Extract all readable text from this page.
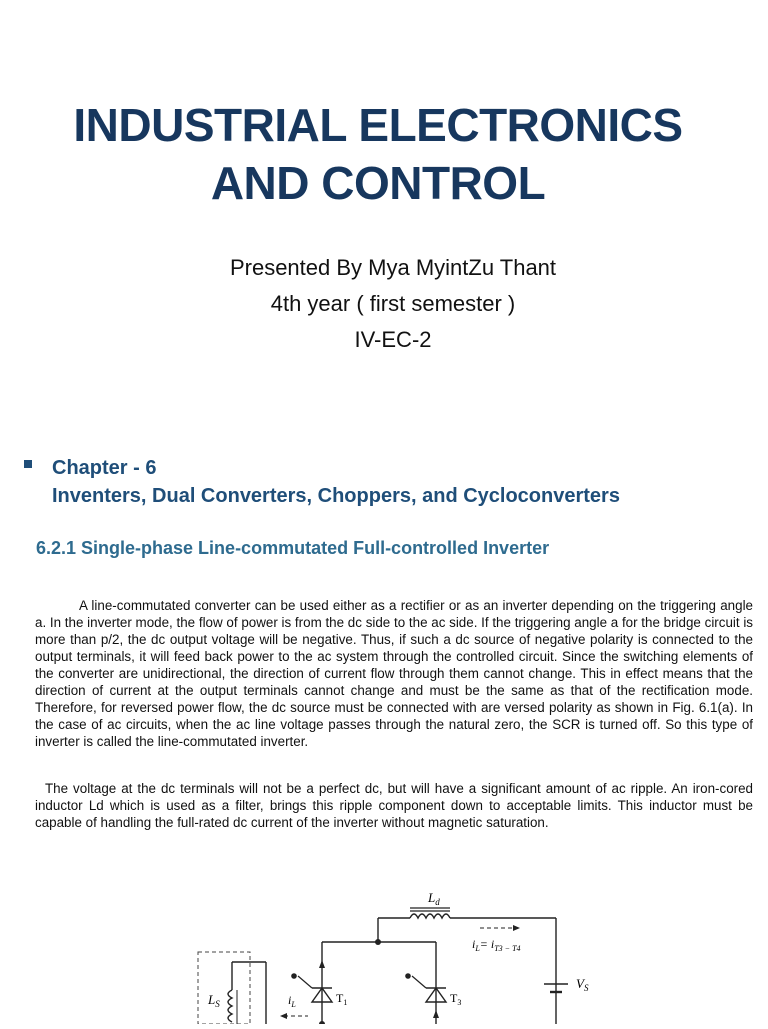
INDUSTRIAL ELECTRONICS
AND CONTROL
Presented By Mya MyintZu Thant
4th year ( first semester )
IV-EC-2
Chapter - 6
Inventers, Dual Converters, Choppers, and Cycloconverters
6.2.1 Single-phase Line-commutated Full-controlled Inverter

A line-commutated converter can be used either as a rectifier or as an inverter depending on the triggering angle a. In the inverter mode, the flow of power is from the dc side to the ac side. If the triggering angle a for the bridge circuit is more than p/2, the dc output voltage will be negative. Thus, if such a dc source of negative polarity is connected to the output terminals, it will feed back power to the ac system through the controlled circuit. Since the switching elements of the converter are unidirectional, the direction of current flow through them cannot change. This in effect means that the direction of current at the output terminals cannot change and must be the same as that of the rectification mode. Therefore, for reversed power flow, the dc source must be connected with are versed polarity as shown in Fig. 6.1(a). In the case of ac circuits, when the ac line voltage passes through the natural zero, the SCR is turned off. So this type of inverter is called the line-commutated inverter.

The voltage at the dc terminals will not be a perfect dc, but will have a significant amount of ac ripple. An iron-cored inductor Ld which is used as a filter, brings this ripple component down to acceptable limits. This inductor must be capable of handling the full-rated dc current of the inverter without magnetic saturation.

$L_d$
$i_L= i_{T3 - T4}$
$L_S$	$i_L$	$T_1$	$T_3$
$V_S$
